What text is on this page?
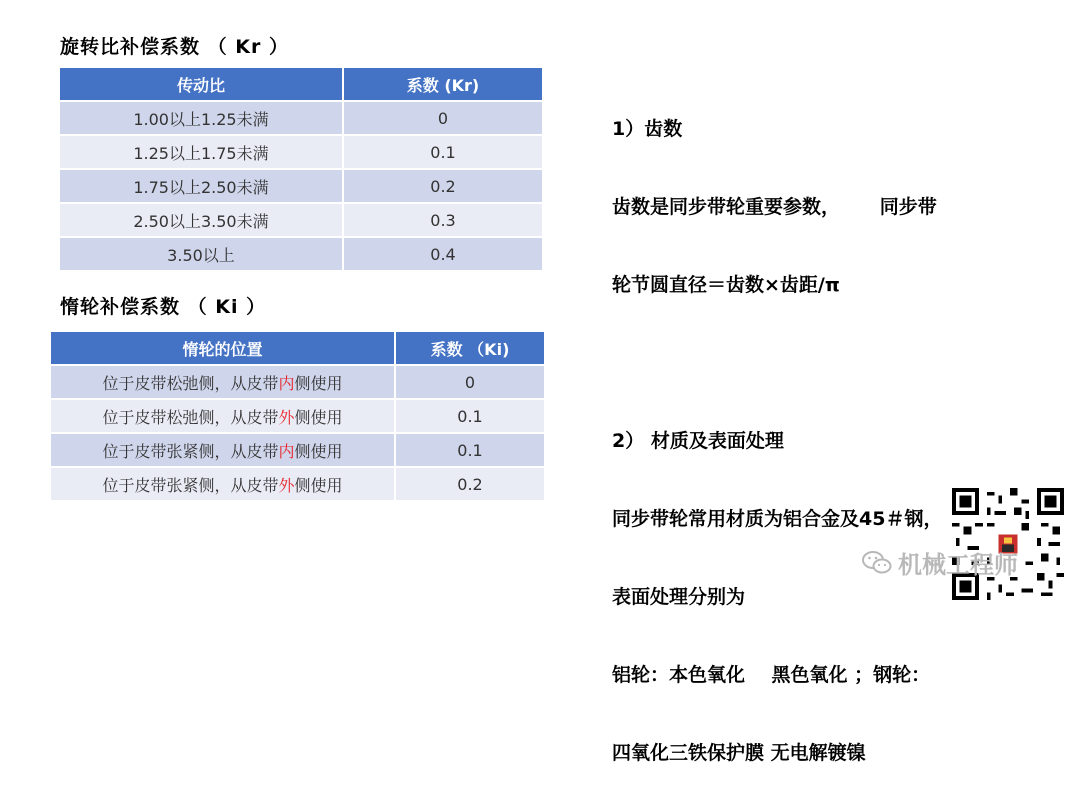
旋转比补偿系数 （ Kr ）
传动比	系数 (Kr)
1.00以上1.25未满	0
1.25以上1.75未满	0.1
1.75以上2.50未满	0.2
2.50以上3.50未满	0.3
3.50以上	0.4
惰轮补偿系数 （ Ki ）
惰轮的位置	系数 （Ki)
位于皮带松弛侧，从皮带内侧使用	0
位于皮带松弛侧，从皮带外侧使用	0.1
位于皮带张紧侧，从皮带内侧使用	0.1
位于皮带张紧侧，从皮带外侧使用	0.2

1）齿数

齿数是同步带轮重要参数，      同步带

轮节圆直径＝齿数×齿距/π

2） 材质及表面处理

同步带轮常用材质为铝合金及45＃钢，

表面处理分别为

铝轮：本色氧化    黑色氧化 ；钢轮：

四氧化三铁保护膜 无电解镀镍

机械工程师
